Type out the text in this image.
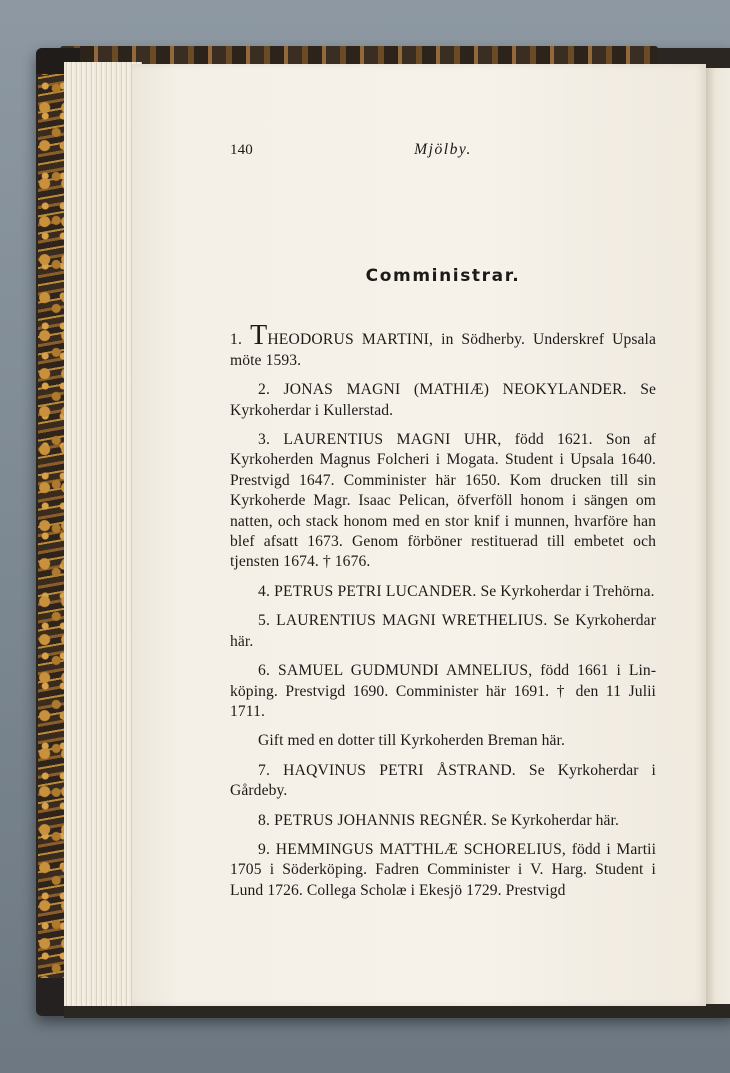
140	Mjölby.
Comministrar.

1. THEODORUS MARTINI, in Södherby. Underskref Upsala möte 1593.

2. JONAS MAGNI (MATHIÆ) NEOKYLANDER. Se Kyrkoherdar i Kullerstad.

3. LAURENTIUS MAGNI UHR, född 1621. Son af Kyrkoherden Magnus Folcheri i Mogata. Student i Upsala 1640. Prestvigd 1647. Comminister här 1650. Kom drucken till sin Kyrkoherde Magr. Isaac Pelican, öfverföll honom i sängen om natten, och stack honom med en stor knif i munnen, hvarföre han blef afsatt 1673. Genom förböner restituerad till embetet och tjensten 1674. † 1676.

4. PETRUS PETRI LUCANDER. Se Kyrkoherdar i Trehörna.

5. LAURENTIUS MAGNI WRETHELIUS. Se Kyrkoherdar här.

6. SAMUEL GUDMUNDI AMNELIUS, född 1661 i Linköping. Prestvigd 1690. Comminister här 1691. † den 11 Julii 1711.

Gift med en dotter till Kyrkoherden Breman här.

7. HAQVINUS PETRI ÅSTRAND. Se Kyrkoherdar i Gårdeby.

8. PETRUS JOHANNIS REGNÉR. Se Kyrkoherdar här.

9. HEMMINGUS MATTHLÆ SCHORELIUS, född i Martii 1705 i Söderköping. Fadren Comminister i V. Harg. Student i Lund 1726. Collega Scholæ i Ekesjö 1729. Prestvigd
